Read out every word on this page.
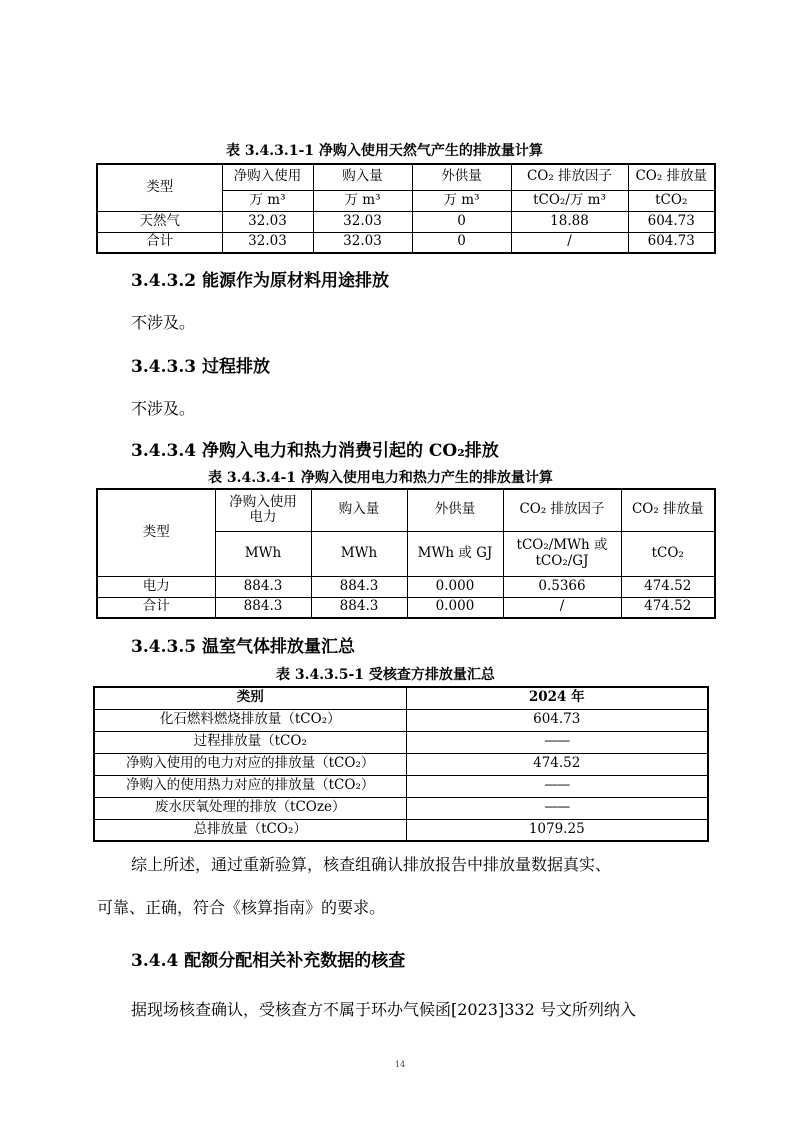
表 3.4.3.1-1 净购入使用天然气产生的排放量计算
类型	净购入使用	购入量	外供量	CO₂ 排放因子	CO₂ 排放量
	万 m³	万 m³	万 m³	tCO₂/万 m³	tCO₂
天然气	32.03	32.03	0	18.88	604.73
合计	32.03	32.03	0	/	604.73
3.4.3.2 能源作为原材料用途排放
不涉及。
3.4.3.3 过程排放
不涉及。
3.4.3.4 净购入电力和热力消费引起的 CO₂排放
表 3.4.3.4-1 净购入使用电力和热力产生的排放量计算
类型	净购入使用电力	购入量	外供量	CO₂ 排放因子	CO₂ 排放量
	MWh	MWh	MWh 或 GJ	tCO₂/MWh 或 tCO₂/GJ	tCO₂
电力	884.3	884.3	0.000	0.5366	474.52
合计	884.3	884.3	0.000	/	474.52
3.4.3.5 温室气体排放量汇总
表 3.4.3.5-1 受核查方排放量汇总
类别	2024 年
化石燃料燃烧排放量（tCO₂）	604.73
过程排放量（tCO₂	——
净购入使用的电力对应的排放量（tCO₂）	474.52
净购入的使用热力对应的排放量（tCO₂）	——
废水厌氧处理的排放（tCOze）	——
总排放量（tCO₂）	1079.25
综上所述，通过重新验算，核查组确认排放报告中排放量数据真实、
可靠、正确，符合《核算指南》的要求。
3.4.4 配额分配相关补充数据的核查
据现场核查确认，受核查方不属于环办气候函[2023]332 号文所列纳入
14
